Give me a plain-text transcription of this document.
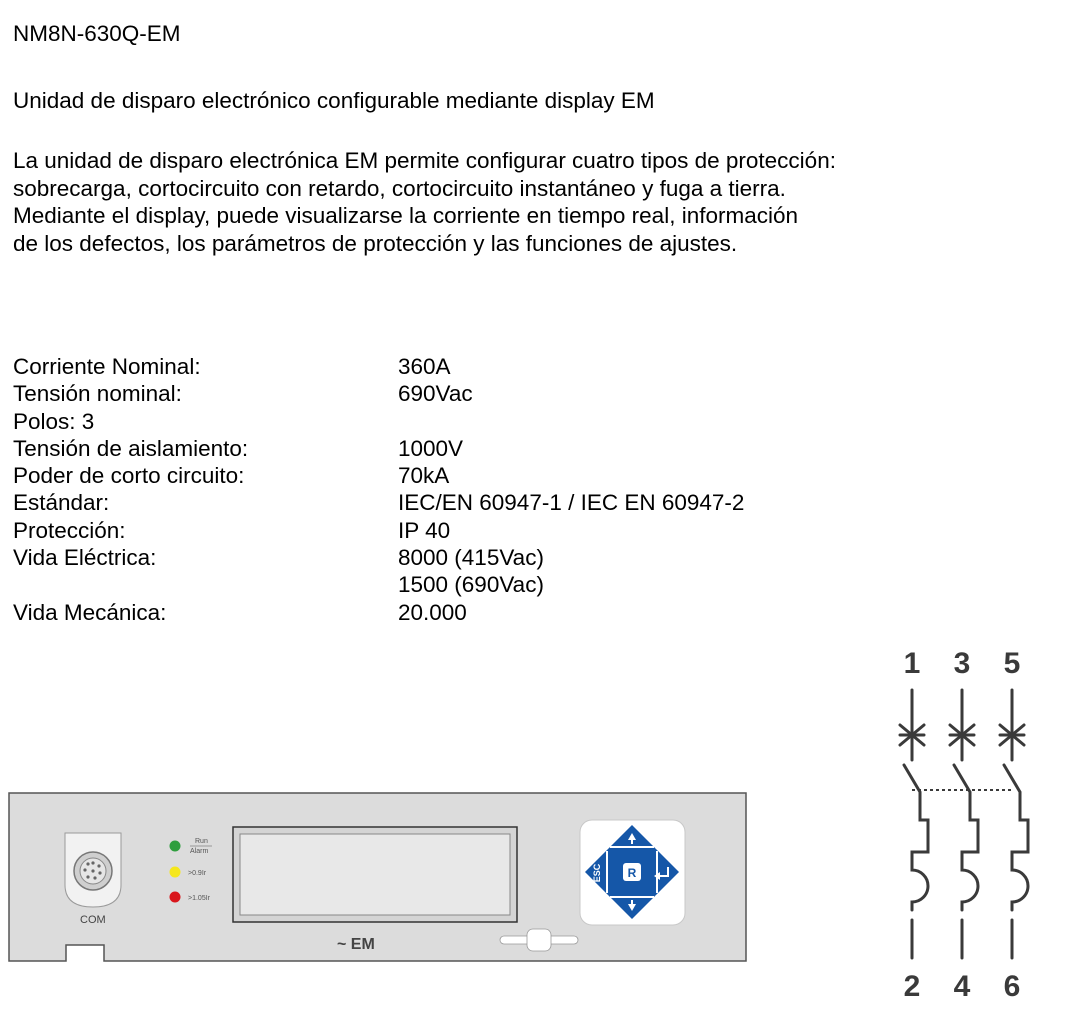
NM8N-630Q-EM
Unidad de disparo electrónico configurable mediante display EM
La unidad de disparo electrónica EM permite configurar cuatro tipos de protección:
sobrecarga, cortocircuito con retardo, cortocircuito instantáneo y fuga a tierra.
Mediante el display, puede visualizarse la corriente en tiempo real, información
de los defectos, los parámetros de protección y las funciones de ajustes.
Corriente Nominal:	360A
Tensión nominal:	690Vac
Polos: 3
Tensión de aislamiento:	1000V
Poder de corto circuito:	70kA
Estándar:	IEC/EN 60947-1 / IEC EN 60947-2
Protección:	IP 40
Vida Eléctrica:	8000 (415Vac)
1500 (690Vac)
Vida Mecánica:	20.000
COM
Run
Alarm
>0.9Ir
>1.05Ir
~ EM
ESC R
1 3 5
2 4 6
